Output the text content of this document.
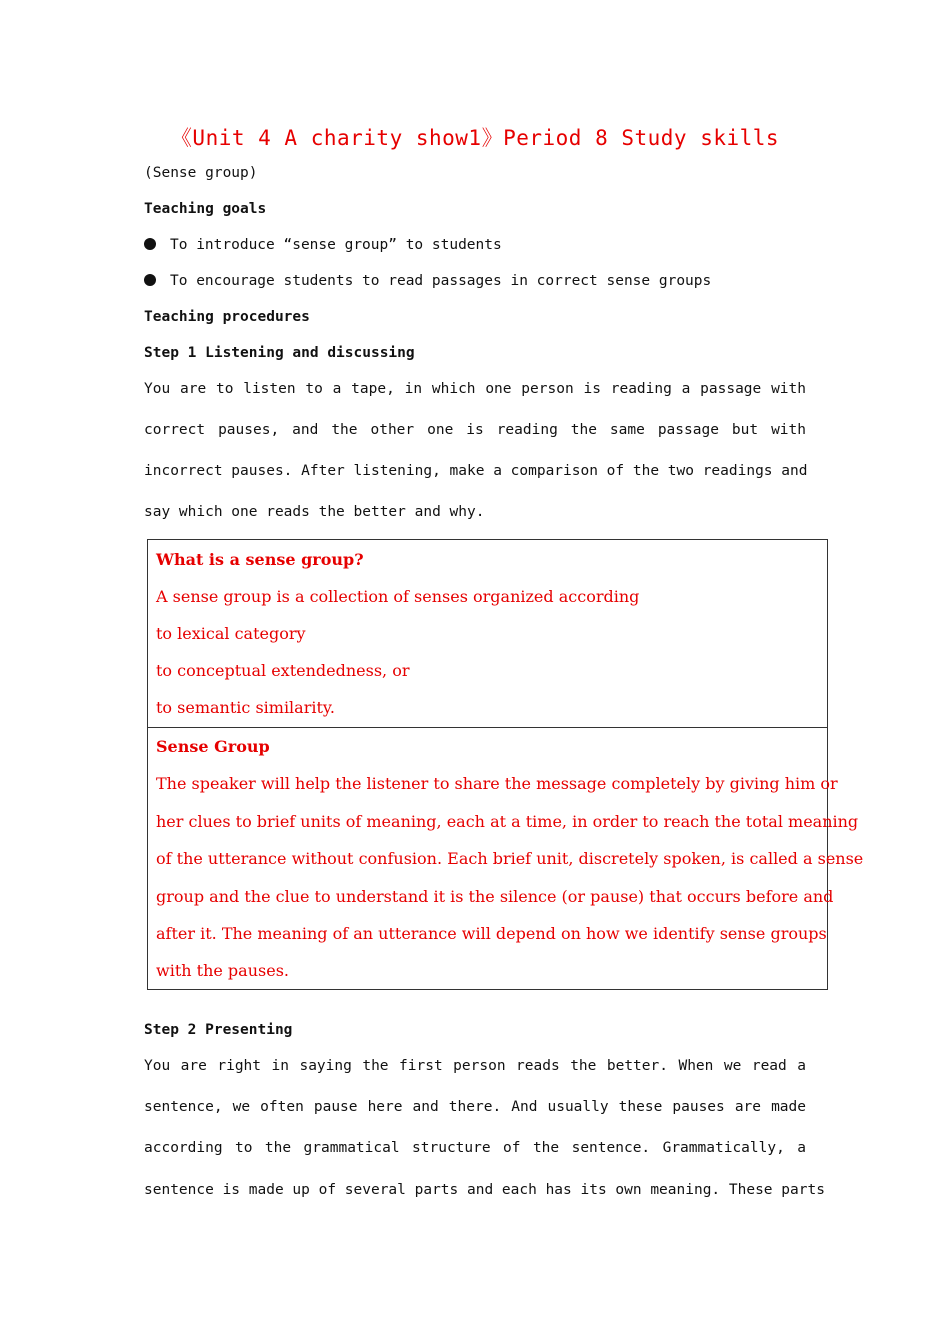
《Unit 4 A charity show1》Period 8 Study skills
(Sense group)
Teaching goals
To introduce “sense group” to students
To encourage students to read passages in correct sense groups
Teaching procedures
Step 1 Listening and discussing
You are to listen to a tape, in which one person is reading a passage with
correct pauses, and the other one is reading the same passage but with
incorrect pauses. After listening, make a comparison of the two readings and
say which one reads the better and why.
What is a sense group?
A sense group is a collection of senses organized according
to lexical category
to conceptual extendedness, or
to semantic similarity.
Sense Group
The speaker will help the listener to share the message completely by giving him or
her clues to brief units of meaning, each at a time, in order to reach the total meaning
of the utterance without confusion. Each brief unit, discretely spoken, is called a sense
group and the clue to understand it is the silence (or pause) that occurs before and
after it. The meaning of an utterance will depend on how we identify sense groups
with the pauses.
Step 2 Presenting
You are right in saying the first person reads the better. When we read a
sentence, we often pause here and there. And usually these pauses are made
according to the grammatical structure of the sentence. Grammatically, a
sentence is made up of several parts and each has its own meaning. These parts
